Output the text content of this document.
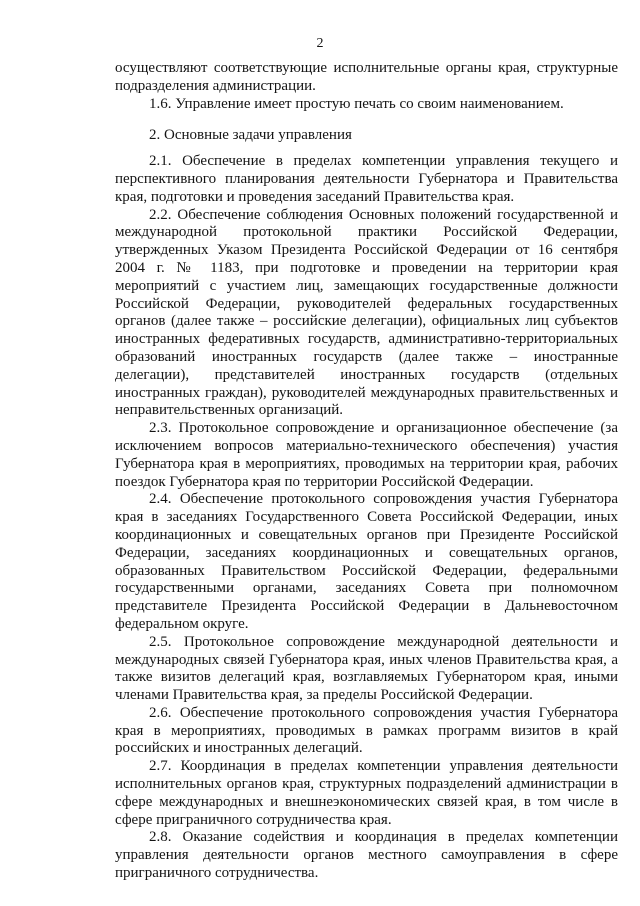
2

осуществляют соответствующие исполнительные органы края, структурные подразделения администрации.

1.6. Управление имеет простую печать со своим наименованием.

2. Основные задачи управления

2.1. Обеспечение в пределах компетенции управления текущего и перспективного планирования деятельности Губернатора и Правительства края, подготовки и проведения заседаний Правительства края.

2.2. Обеспечение соблюдения Основных положений государственной и международной протокольной практики Российской Федерации, утвержденных Указом Президента Российской Федерации от 16 сентября 2004 г. № 1183, при подготовке и проведении на территории края мероприятий с участием лиц, замещающих государственные должности Российской Федерации, руководителей федеральных государственных органов (далее также – российские делегации), официальных лиц субъектов иностранных федеративных государств, административно-территориальных образований иностранных государств (далее также – иностранные делегации), представителей иностранных государств (отдельных иностранных граждан), руководителей международных правительственных и неправительственных организаций.

2.3. Протокольное сопровождение и организационное обеспечение (за исключением вопросов материально-технического обеспечения) участия Губернатора края в мероприятиях, проводимых на территории края, рабочих поездок Губернатора края по территории Российской Федерации.

2.4. Обеспечение протокольного сопровождения участия Губернатора края в заседаниях Государственного Совета Российской Федерации, иных координационных и совещательных органов при Президенте Российской Федерации, заседаниях координационных и совещательных органов, образованных Правительством Российской Федерации, федеральными государственными органами, заседаниях Совета при полномочном представителе Президента Российской Федерации в Дальневосточном федеральном округе.

2.5. Протокольное сопровождение международной деятельности и международных связей Губернатора края, иных членов Правительства края, а также визитов делегаций края, возглавляемых Губернатором края, иными членами Правительства края, за пределы Российской Федерации.

2.6. Обеспечение протокольного сопровождения участия Губернатора края в мероприятиях, проводимых в рамках программ визитов в край российских и иностранных делегаций.

2.7. Координация в пределах компетенции управления деятельности исполнительных органов края, структурных подразделений администрации в сфере международных и внешнеэкономических связей края, в том числе в сфере приграничного сотрудничества края.

2.8. Оказание содействия и координация в пределах компетенции управления деятельности органов местного самоуправления в сфере приграничного сотрудничества.
